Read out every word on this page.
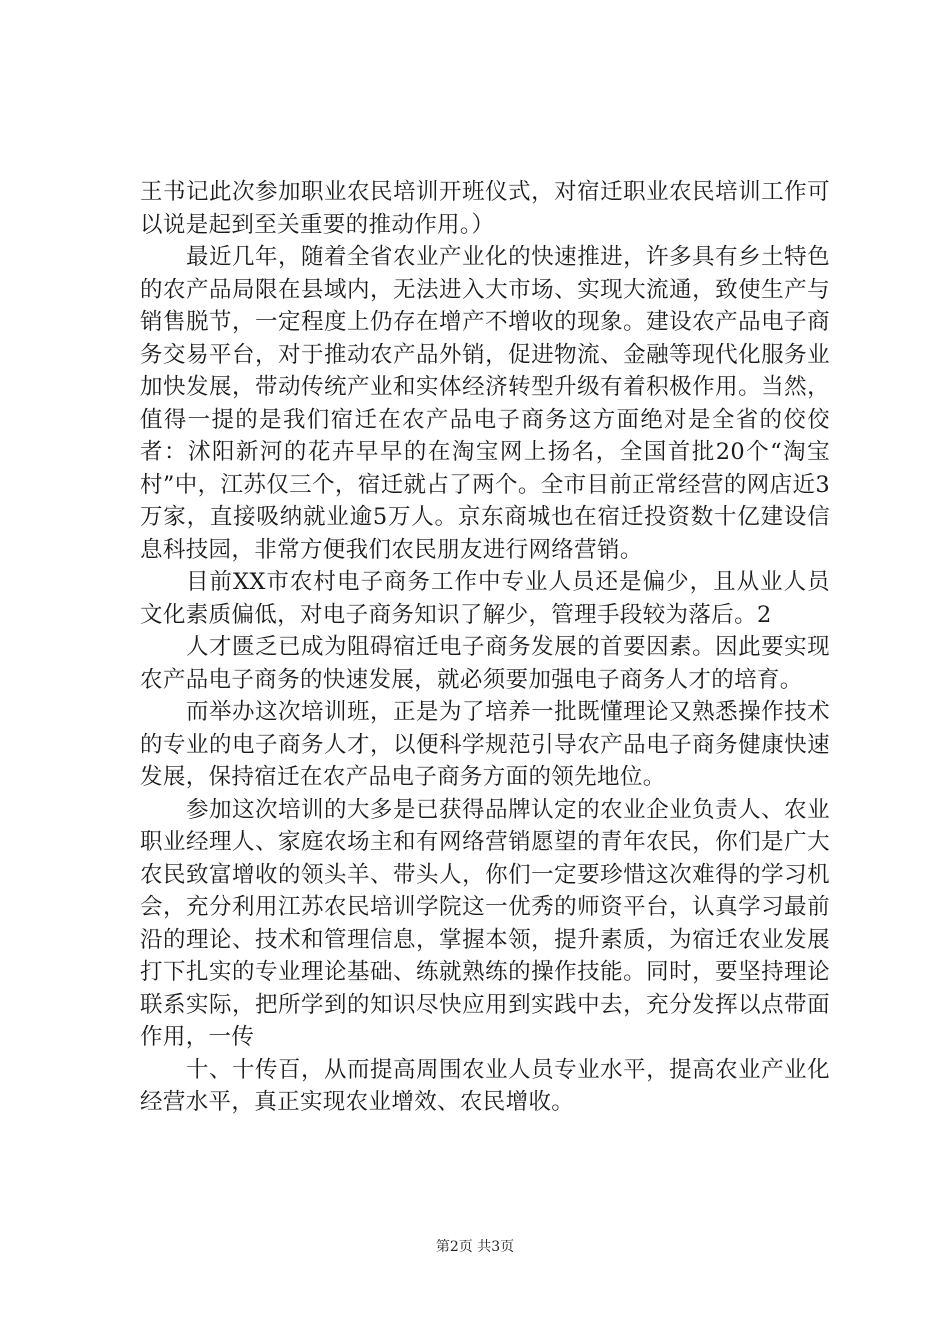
王书记此次参加职业农民培训开班仪式，对宿迁职业农民培训工作可以说是起到至关重要的推动作用。）

最近几年，随着全省农业产业化的快速推进，许多具有乡土特色的农产品局限在县域内，无法进入大市场、实现大流通，致使生产与销售脱节，一定程度上仍存在增产不增收的现象。建设农产品电子商务交易平台，对于推动农产品外销，促进物流、金融等现代化服务业加快发展，带动传统产业和实体经济转型升级有着积极作用。当然，值得一提的是我们宿迁在农产品电子商务这方面绝对是全省的佼佼者：沭阳新河的花卉早早的在淘宝网上扬名，全国首批20个“淘宝村”中，江苏仅三个，宿迁就占了两个。全市目前正常经营的网店近3万家，直接吸纳就业逾5万人。京东商城也在宿迁投资数十亿建设信息科技园，非常方便我们农民朋友进行网络营销。

目前XX市农村电子商务工作中专业人员还是偏少，且从业人员文化素质偏低，对电子商务知识了解少，管理手段较为落后。2

人才匮乏已成为阻碍宿迁电子商务发展的首要因素。因此要实现农产品电子商务的快速发展，就必须要加强电子商务人才的培育。

而举办这次培训班，正是为了培养一批既懂理论又熟悉操作技术的专业的电子商务人才，以便科学规范引导农产品电子商务健康快速发展，保持宿迁在农产品电子商务方面的领先地位。

参加这次培训的大多是已获得品牌认定的农业企业负责人、农业职业经理人、家庭农场主和有网络营销愿望的青年农民，你们是广大农民致富增收的领头羊、带头人，你们一定要珍惜这次难得的学习机会，充分利用江苏农民培训学院这一优秀的师资平台，认真学习最前沿的理论、技术和管理信息，掌握本领，提升素质，为宿迁农业发展打下扎实的专业理论基础、练就熟练的操作技能。同时，要坚持理论联系实际，把所学到的知识尽快应用到实践中去，充分发挥以点带面作用，一传

十、十传百，从而提高周围农业人员专业水平，提高农业产业化经营水平，真正实现农业增效、农民增收。

第2页 共3页
